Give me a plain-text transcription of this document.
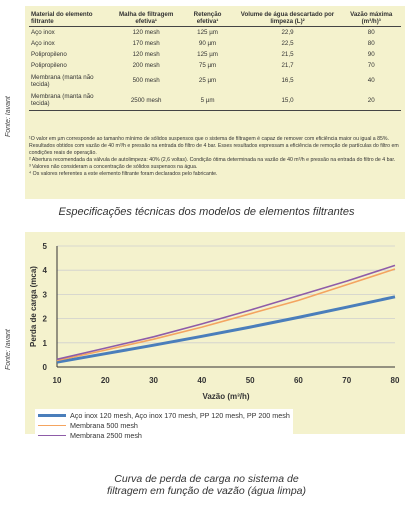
Fonte: Iavant
Material do elemento filtrante	Malha de filtragem efetiva¹	Retenção efetiva¹	Volume de água descartado por limpeza (L)²	Vazão máxima (m³/h)³
Aço inox	120 mesh	125 µm	22,9	80
Aço inox	170 mesh	90 µm	22,5	80
Polipropileno	120 mesh	125 µm	21,5	90
Polipropileno	200 mesh	75 µm	21,7	70
Membrana (manta não tecida)	500 mesh	25 µm	16,5	40
Membrana (manta não tecida)	2500 mesh	5 µm	15,0	20

¹O valor em µm corresponde ao tamanho mínimo de sólidos suspensos que o sistema de filtragem é capaz de remover com eficiência maior ou igual a 85%. Resultados obtidos com vazão de 40 m³/h e pressão na entrada do filtro de 4 bar. Esses resultados expressam a eficiência de remoção de partículas do filtro em condições reais de operação.

² Abertura recomendada da válvula de autolimpeza: 40% (2,6 voltas). Condição ótima determinada na vazão de 40 m³/h e pressão na entrada do filtro de 4 bar.

³ Valores não consideram a concentração de sólidos suspensos na água.

⁴ Os valores referentes a este elemento filtrante foram declarados pelo fabricante.

Especificações técnicas dos modelos de elementos filtrantes
Fonte: Iavant	0
1
2
3
4
5
10	20	30	40	50	60	70	80
Vazão (m³/h)
Perda de carga (mca)
Aço inox 120 mesh, Aço inox 170 mesh, PP 120 mesh, PP 200 mesh
Membrana 500 mesh
Membrana 2500 mesh
Curva de perda de carga no sistema de
filtragem em função de vazão (água limpa)
